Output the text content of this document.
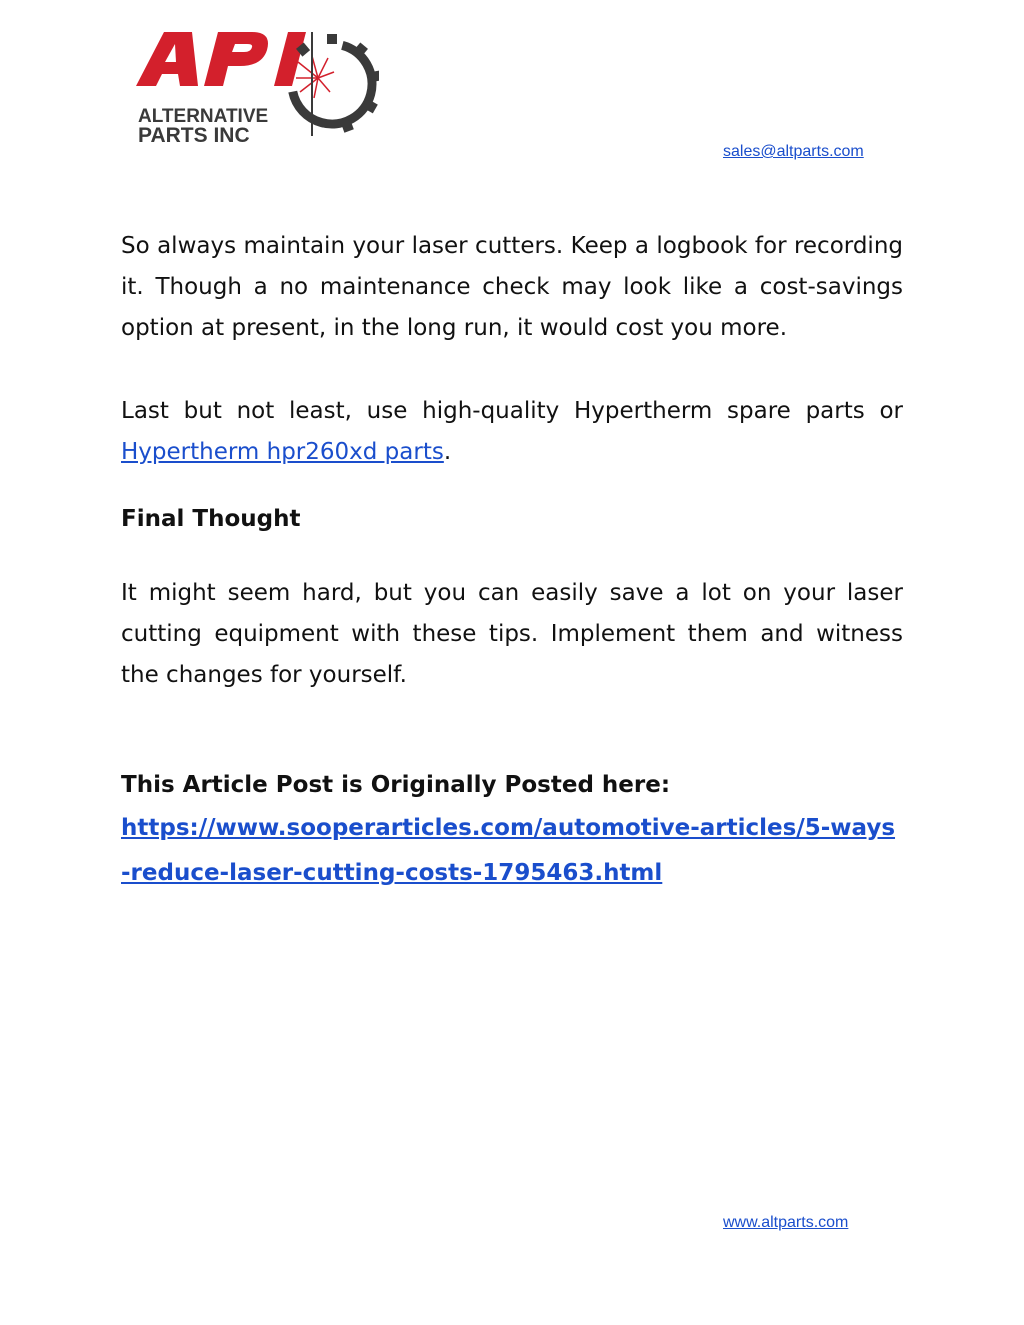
ALTERNATIVE
PARTS INC
sales@altparts.com

So always maintain your laser cutters. Keep a logbook for recording it. Though a no maintenance check may look like a cost-savings option at present, in the long run, it would cost you more.

Last but not least, use high-quality Hypertherm spare parts or Hypertherm hpr260xd parts.

Final Thought

It might seem hard, but you can easily save a lot on your laser cutting equipment with these tips. Implement them and witness the changes for yourself.

This Article Post is Originally Posted here:

https://www.sooperarticles.com/automotive-articles/5-ways-reduce-laser-cutting-costs-1795463.html
www.altparts.com
